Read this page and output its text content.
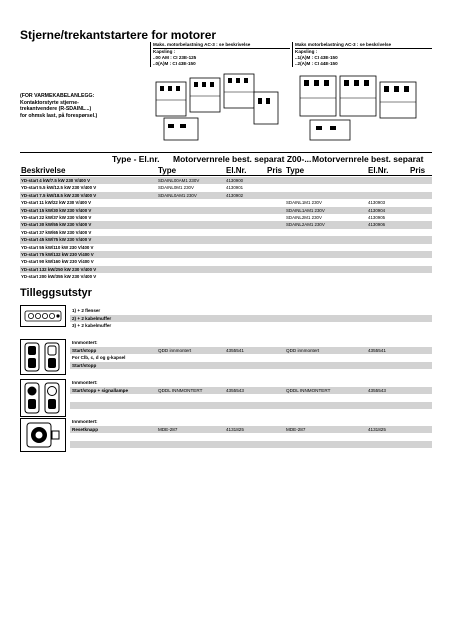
Stjerne/trekantstartere for motorer
Maks. motorbelastning AC-3 : se beskrivelse
Kapsling :
..00 AM : CI 23E-125
..0(A)M : CI 43E-150
Maks motorbelastning AC-3 : se beskrivelse
Kapsling :
..1(A)M : CI 43E-150
..2(A)M : CI 44E-150
(FOR VARMEKABELANLEGG:
Kontaktorstyrte stjerne-
trekantvendere (R-SDAINL...)
for ohmsk last, på forespørsel.)
Type - El.nr. Motorvernrele best. separat Z00-... Motorvernrele best. separat
Beskrivelse	Type	El.Nr.	Pris Type	El.Nr.	Pris
YD-start 4 kW/7.5 kW 230 V/400 V	SDAINL00AM1 230V	4130900
YD-start 5.5 kW/12.5 kW 230 V/400 V	SDAINL0M1 230V	4130901
YD-start 7.5 kW/18.5 kW 230 V/400 V	SDAINL0AM1 230V	4130902
YD-start 11 kW/22 kW 230 V/400 V	SDAINL1M1 230V	4130903
YD-start 15 kW/30 kW 230 V/400 V	SDAINL1AM1 230V	4130904
YD-start 22 kW/37 kW 230 V/400 V	SDAINL2M1 230V	4130905
YD-start 30 kW/55 kW 230 V/400 V	SDAINL2AM1 230V	4130906
YD-start 37 kW/65 kW 230 V/400 V
YD-start 45 kW/75 kW 230 V/400 V
YD-start 55 kW/110 kW 230 V/400 V
YD-start 75 kW/132 kW 230 V/400 V
YD-start 90 kW/160 kW 230 V/400 V
YD-start 132 kW/250 kW 230 V/400 V
YD-start 200 kW/355 kW 230 V/400 V
Tilleggsutstyr
1) + 2 flenser
2) + 2 kabelmuffer
3) + 2 kabelmuffer
Innmontert:
Start/stopp	QDD innmontert	4355541	QDD innmontert	4355541
For Clb, c, d og g-kapsel
Start/stopp
Innmontert:
Start/stopp + signallampe	QDDL INNMONTERT	4355543	QDDL INNMONTERT	4355543
Innmontert:
Resetknapp	MDE-287	4131825	MDE-287	4131825
